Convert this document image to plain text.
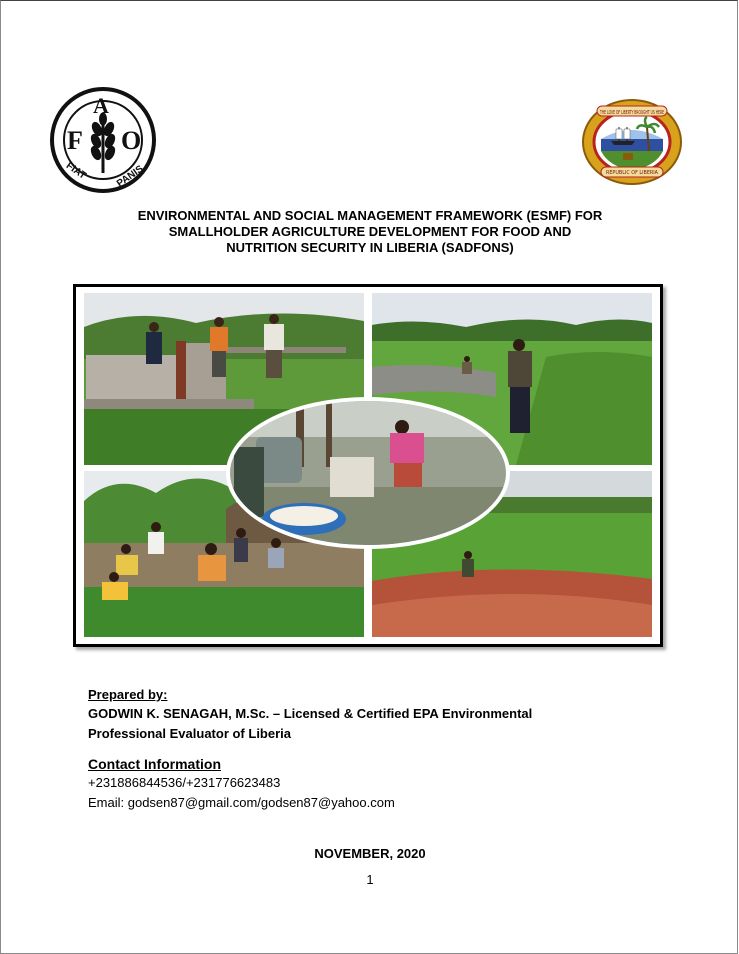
F
A
O
FIAT	PANIS
THE LOVE OF LIBERTY BROUGHT US HERE
REPUBLIC OF LIBERIA
ENVIRONMENTAL AND SOCIAL MANAGEMENT FRAMEWORK (ESMF) FOR
SMALLHOLDER AGRICULTURE DEVELOPMENT FOR FOOD AND
NUTRITION SECURITY IN LIBERIA (SADFONS)
Prepared by:
GODWIN K. SENAGAH, M.Sc. – Licensed & Certified EPA Environmental
Professional Evaluator of Liberia
Contact Information
+231886844536/+231776623483
Email: godsen87@gmail.com/godsen87@yahoo.com
NOVEMBER, 2020
1
